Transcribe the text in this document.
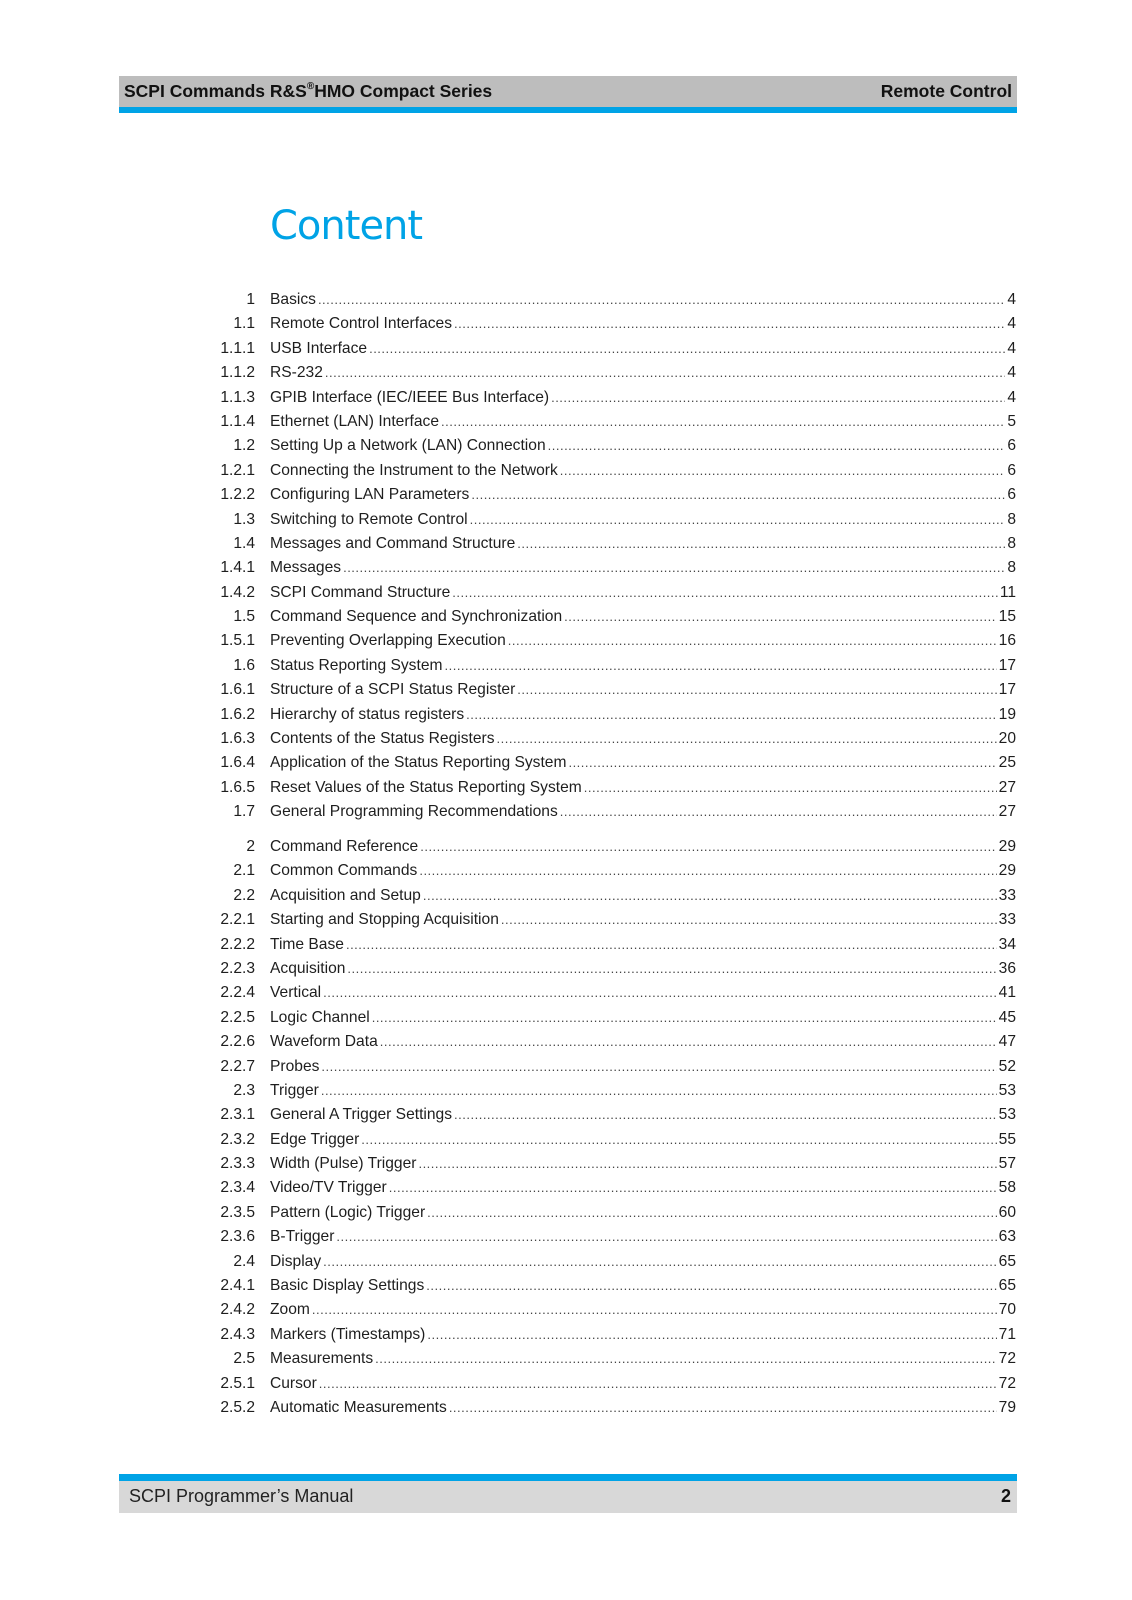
SCPI Commands R&S®HMO Compact Series	Remote Control
Content
1 Basics .....	4
1.1 Remote Control Interfaces .....	4
1.1.1 USB Interface .....	4
1.1.2 RS-232 .....	4
1.1.3 GPIB Interface (IEC/IEEE Bus Interface) .....	4
1.1.4 Ethernet (LAN) Interface .....	5
1.2 Setting Up a Network (LAN) Connection .....	6
1.2.1 Connecting the Instrument to the Network .....	6
1.2.2 Configuring LAN Parameters .....	6
1.3 Switching to Remote Control .....	8
1.4 Messages and Command Structure .....	8
1.4.1 Messages .....	8
1.4.2 SCPI Command Structure .....	11
1.5 Command Sequence and Synchronization .....	15
1.5.1 Preventing Overlapping Execution .....	16
1.6 Status Reporting System .....	17
1.6.1 Structure of a SCPI Status Register .....	17
1.6.2 Hierarchy of status registers .....	19
1.6.3 Contents of the Status Registers .....	20
1.6.4 Application of the Status Reporting System .....	25
1.6.5 Reset Values of the Status Reporting System .....	27
1.7 General Programming Recommendations .....	27
2 Command Reference .....	29
2.1 Common Commands .....	29
2.2 Acquisition and Setup .....	33
2.2.1 Starting and Stopping Acquisition .....	33
2.2.2 Time Base .....	34
2.2.3 Acquisition .....	36
2.2.4 Vertical .....	41
2.2.5 Logic Channel .....	45
2.2.6 Waveform Data .....	47
2.2.7 Probes .....	52
2.3 Trigger .....	53
2.3.1 General A Trigger Settings .....	53
2.3.2 Edge Trigger .....	55
2.3.3 Width (Pulse) Trigger .....	57
2.3.4 Video/TV Trigger .....	58
2.3.5 Pattern (Logic) Trigger .....	60
2.3.6 B-Trigger .....	63
2.4 Display .....	65
2.4.1 Basic Display Settings .....	65
2.4.2 Zoom .....	70
2.4.3 Markers (Timestamps) .....	71
2.5 Measurements .....	72
2.5.1 Cursor .....	72
2.5.2 Automatic Measurements .....	79
SCPI Programmer’s Manual	2
